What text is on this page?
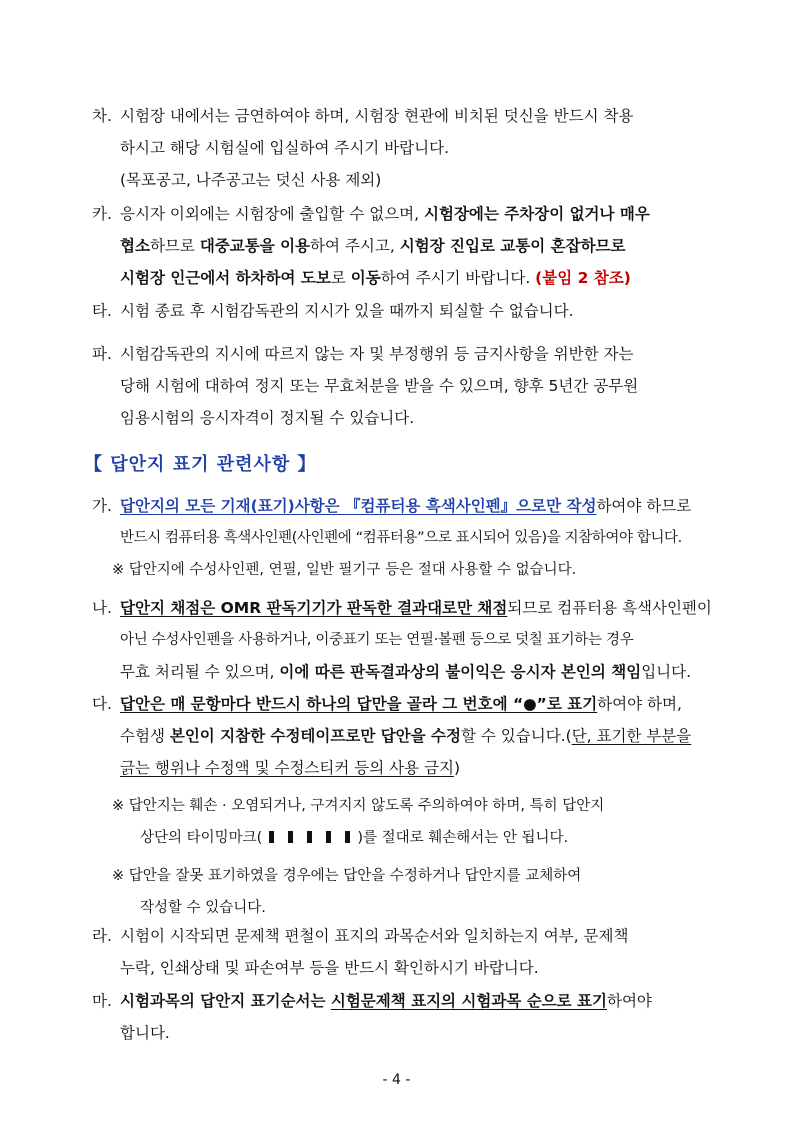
차. 시험장 내에서는 금연하여야 하며, 시험장 현관에 비치된 덧신을 반드시 착용
하시고 해당 시험실에 입실하여 주시기 바랍니다.
(목포공고, 나주공고는 덧신 사용 제외)
카. 응시자 이외에는 시험장에 출입할 수 없으며, 시험장에는 주차장이 없거나 매우
협소하므로 대중교통을 이용하여 주시고, 시험장 진입로 교통이 혼잡하므로
시험장 인근에서 하차하여 도보로 이동하여 주시기 바랍니다. (붙임 2 참조)
타. 시험 종료 후 시험감독관의 지시가 있을 때까지 퇴실할 수 없습니다.
파. 시험감독관의 지시에 따르지 않는 자 및 부정행위 등 금지사항을 위반한 자는
당해 시험에 대하여 정지 또는 무효처분을 받을 수 있으며, 향후 5년간 공무원
임용시험의 응시자격이 정지될 수 있습니다.
【 답안지 표기 관련사항 】
가. 답안지의 모든 기재(표기)사항은 『컴퓨터용 흑색사인펜』으로만 작성하여야 하므로
반드시 컴퓨터용 흑색사인펜(사인펜에 “컴퓨터용”으로 표시되어 있음)을 지참하여야 합니다.
※ 답안지에 수성사인펜, 연필, 일반 필기구 등은 절대 사용할 수 없습니다.
나. 답안지 채점은 OMR 판독기기가 판독한 결과대로만 채점되므로 컴퓨터용 흑색사인펜이
아닌 수성사인펜을 사용하거나, 이중표기 또는 연필·볼펜 등으로 덧칠 표기하는 경우
무효 처리될 수 있으며, 이에 따른 판독결과상의 불이익은 응시자 본인의 책임입니다.
다. 답안은 매 문항마다 반드시 하나의 답만을 골라 그 번호에 “●”로 표기하여야 하며,
수험생 본인이 지참한 수정테이프로만 답안을 수정할 수 있습니다.(단, 표기한 부분을
긁는 행위나 수정액 및 수정스티커 등의 사용 금지)
※ 답안지는 훼손 · 오염되거나, 구겨지지 않도록 주의하여야 하며, 특히 답안지
상단의 타이밍마크(	)를 절대로 훼손해서는 안 됩니다.
※ 답안을 잘못 표기하였을 경우에는 답안을 수정하거나 답안지를 교체하여
작성할 수 있습니다.
라. 시험이 시작되면 문제책 편철이 표지의 과목순서와 일치하는지 여부, 문제책
누락, 인쇄상태 및 파손여부 등을 반드시 확인하시기 바랍니다.
마. 시험과목의 답안지 표기순서는 시험문제책 표지의 시험과목 순으로 표기하여야
합니다.
- 4 -
